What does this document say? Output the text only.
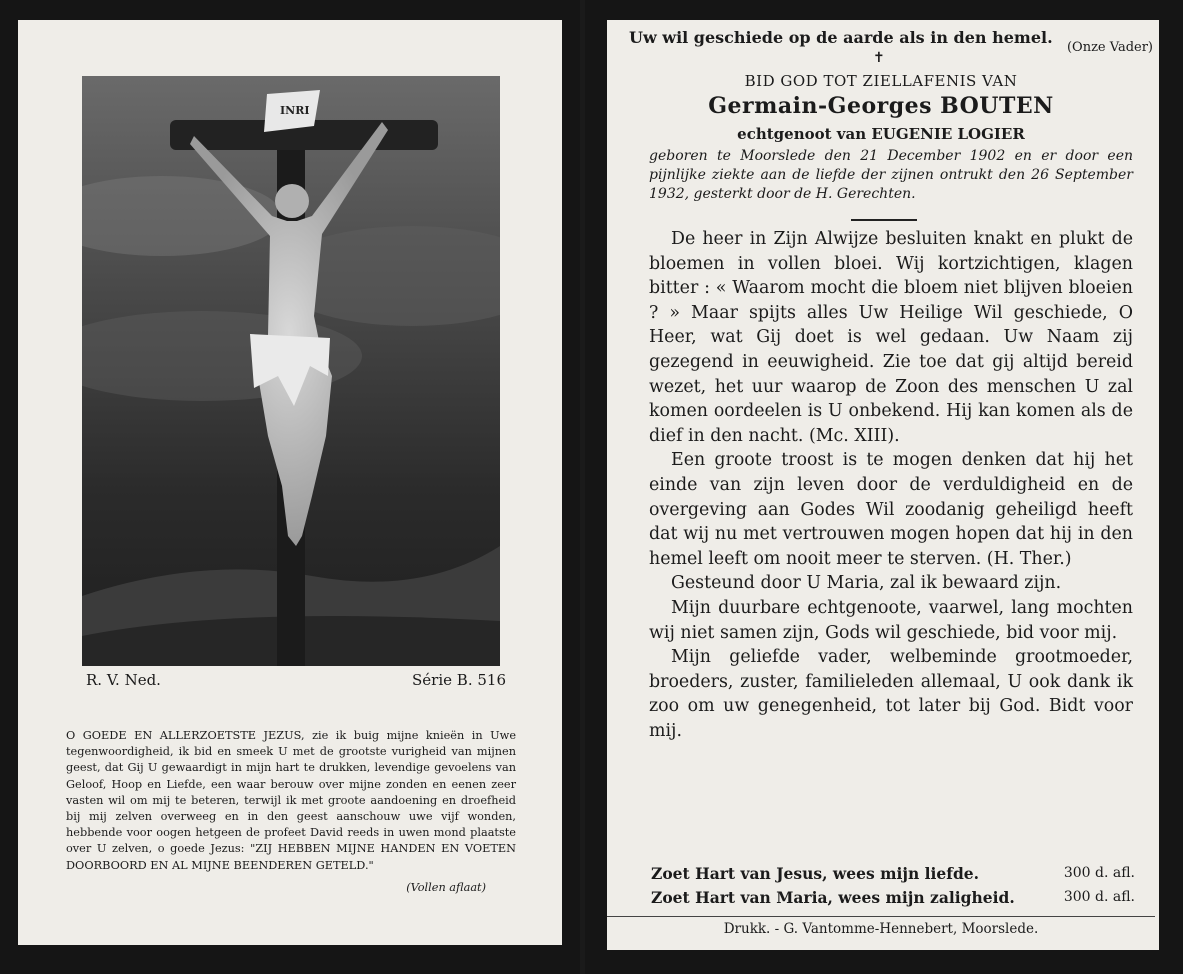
INRI
R. V. Ned.	Série B. 516

O GOEDE EN ALLERZOETSTE JEZUS, zie ik buig mijne knieën in Uwe tegenwoordigheid, ik bid en smeek U met de grootste vurigheid van mijnen geest, dat Gij U gewaardigt in mijn hart te drukken, levendige gevoelens van Geloof, Hoop en Liefde, een waar berouw over mijne zonden en eenen zeer vasten wil om mij te beteren, terwijl ik met groote aandoening en droefheid bij mij zelven overweeg en in den geest aanschouw uwe vijf wonden, hebbende voor oogen hetgeen de profeet David reeds in uwen mond plaatste over U zelven, o goede Jezus: "ZIJ HEBBEN MIJNE HANDEN EN VOETEN DOORBOORD EN AL MIJNE BEENDEREN GETELD."

(Vollen aflaat)
Uw wil geschiede op de aarde als in den hemel.
(Onze Vader)
✝
BID GOD TOT ZIELLAFENIS VAN
Germain-Georges BOUTEN
echtgenoot van EUGENIE LOGIER
geboren te Moorslede den 21 December 1902 en er door een pijnlijke ziekte aan de liefde der zijnen ontrukt den 26 September 1932, gesterkt door de H. Gerechten.

De heer in Zijn Alwijze besluiten knakt en plukt de bloemen in vollen bloei. Wij kortzichtigen, klagen bitter : « Waarom mocht die bloem niet blijven bloeien ? » Maar spijts alles Uw Heilige Wil geschiede, O Heer, wat Gij doet is wel gedaan. Uw Naam zij gezegend in eeuwigheid. Zie toe dat gij altijd bereid wezet, het uur waarop de Zoon des menschen U zal komen oordeelen is U onbekend. Hij kan komen als de dief in den nacht. (Mc. XIII).

Een groote troost is te mogen denken dat hij het einde van zijn leven door de verduldigheid en de overgeving aan Godes Wil zoodanig geheiligd heeft dat wij nu met vertrouwen mogen hopen dat hij in den hemel leeft om nooit meer te sterven. (H. Ther.)

Gesteund door U Maria, zal ik bewaard zijn.

Mijn duurbare echtgenoote, vaarwel, lang mochten wij niet samen zijn, Gods wil geschiede, bid voor mij.

Mijn geliefde vader, welbeminde grootmoeder, broeders, zuster, familieleden allemaal, U ook dank ik zoo om uw genegenheid, tot later bij God. Bidt voor mij.

Zoet Hart van Jesus, wees mijn liefde.	300 d. afl.
Zoet Hart van Maria, wees mijn zaligheid.	300 d. afl.
Drukk. - G. Vantomme-Hennebert, Moorslede.
